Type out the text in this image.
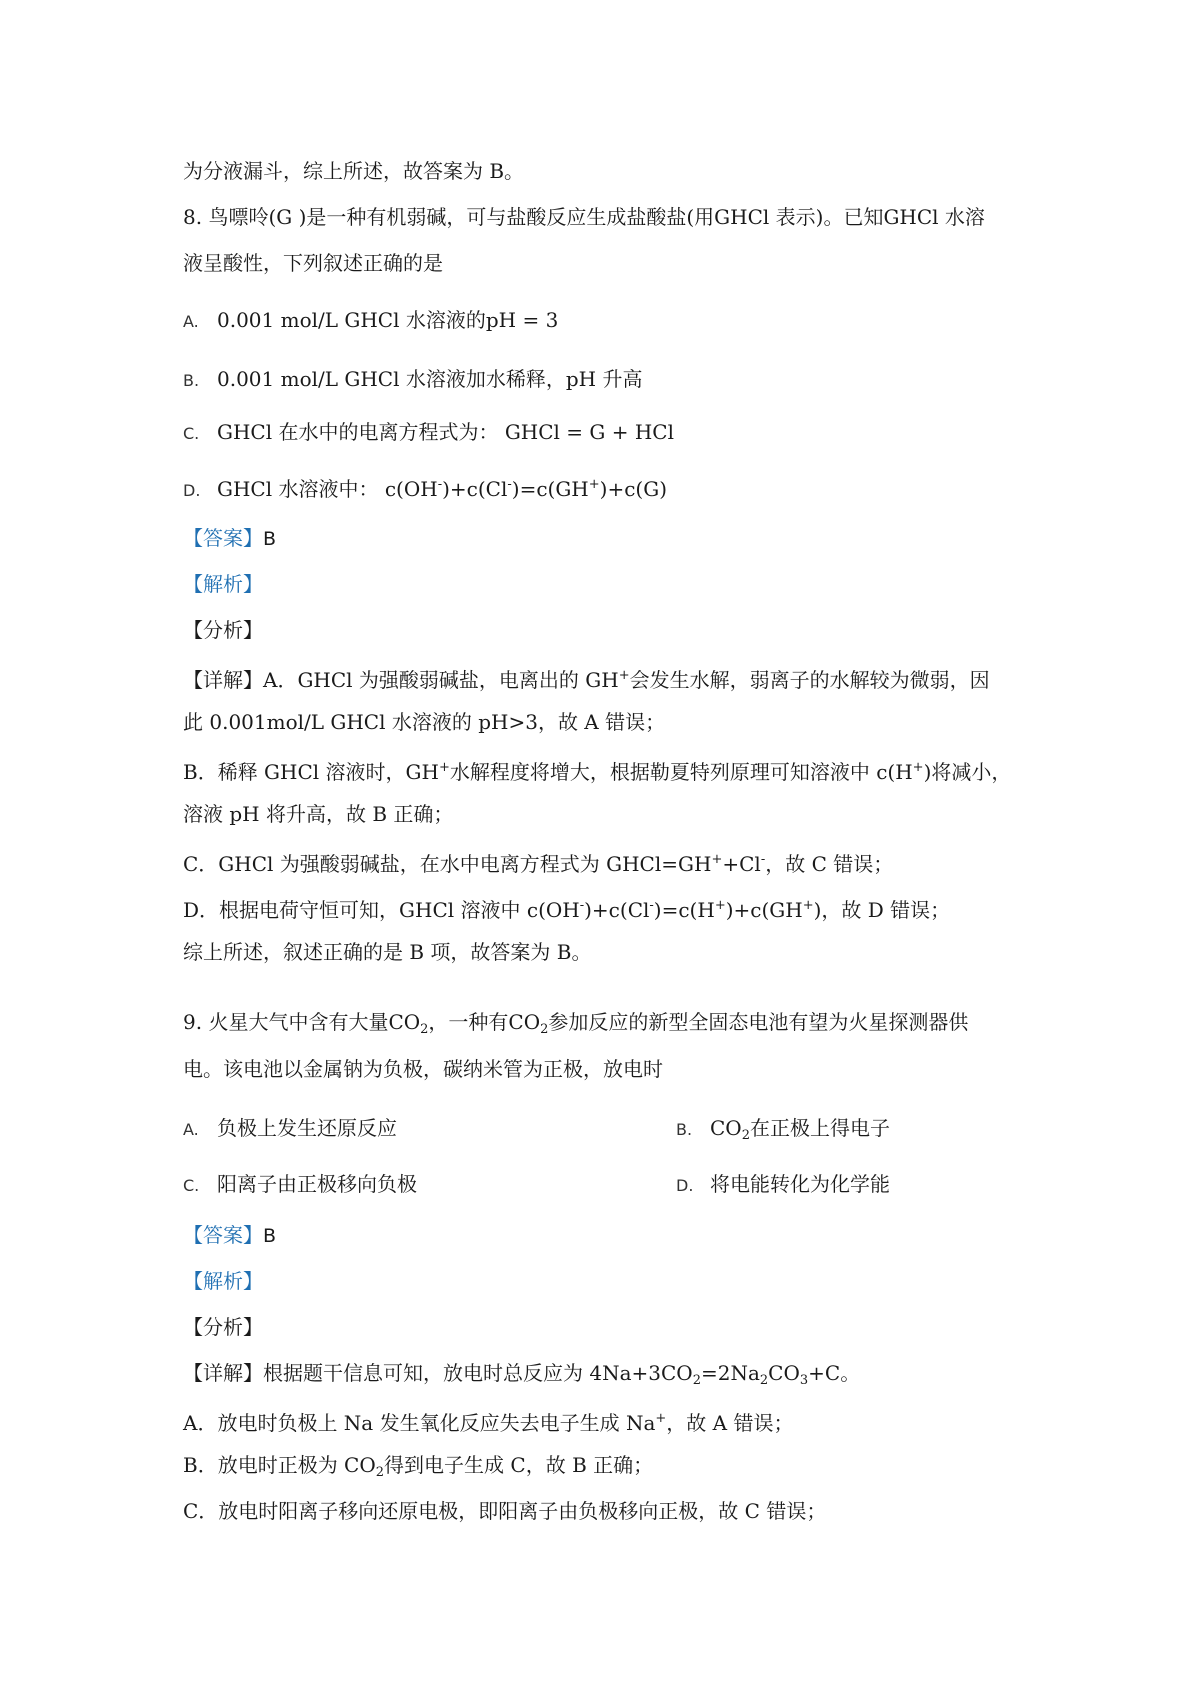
为分液漏斗，综上所述，故答案为 B。
8. 鸟嘌呤(G )是一种有机弱碱，可与盐酸反应生成盐酸盐(用GHCl 表示)。已知GHCl 水溶
液呈酸性，下列叙述正确的是
A. 0.001 mol/L GHCl 水溶液的pH = 3
B. 0.001 mol/L GHCl 水溶液加水稀释，pH 升高
C. GHCl 在水中的电离方程式为： GHCl = G + HCl
D. GHCl 水溶液中： c(OH-)+c(Cl-)=c(GH+)+c(G)
【答案】B
【解析】
【分析】
【详解】A．GHCl 为强酸弱碱盐，电离出的 GH+会发生水解，弱离子的水解较为微弱，因
此 0.001mol/L GHCl 水溶液的 pH>3，故 A 错误；
B．稀释 GHCl 溶液时，GH+水解程度将增大，根据勒夏特列原理可知溶液中 c(H+)将减小，
溶液 pH 将升高，故 B 正确；
C．GHCl 为强酸弱碱盐，在水中电离方程式为 GHCl=GH++Cl-，故 C 错误；
D．根据电荷守恒可知，GHCl 溶液中 c(OH-)+c(Cl-)=c(H+)+c(GH+)，故 D 错误；
综上所述，叙述正确的是 B 项，故答案为 B。
9. 火星大气中含有大量$CO_2$，一种有$CO_2$参加反应的新型全固态电池有望为火星探测器供
电。该电池以金属钠为负极，碳纳米管为正极，放电时
A. 负极上发生还原反应	B. $CO_2$在正极上得电子
C. 阳离子由正极移向负极	D. 将电能转化为化学能
【答案】B
【解析】
【分析】
【详解】根据题干信息可知，放电时总反应为 $4Na+3CO_2=2Na_2CO_3+C$。
A．放电时负极上 Na 发生氧化反应失去电子生成 Na+，故 A 错误；
B．放电时正极为 $CO_2$得到电子生成 C，故 B 正确；
C．放电时阳离子移向还原电极，即阳离子由负极移向正极，故 C 错误；
